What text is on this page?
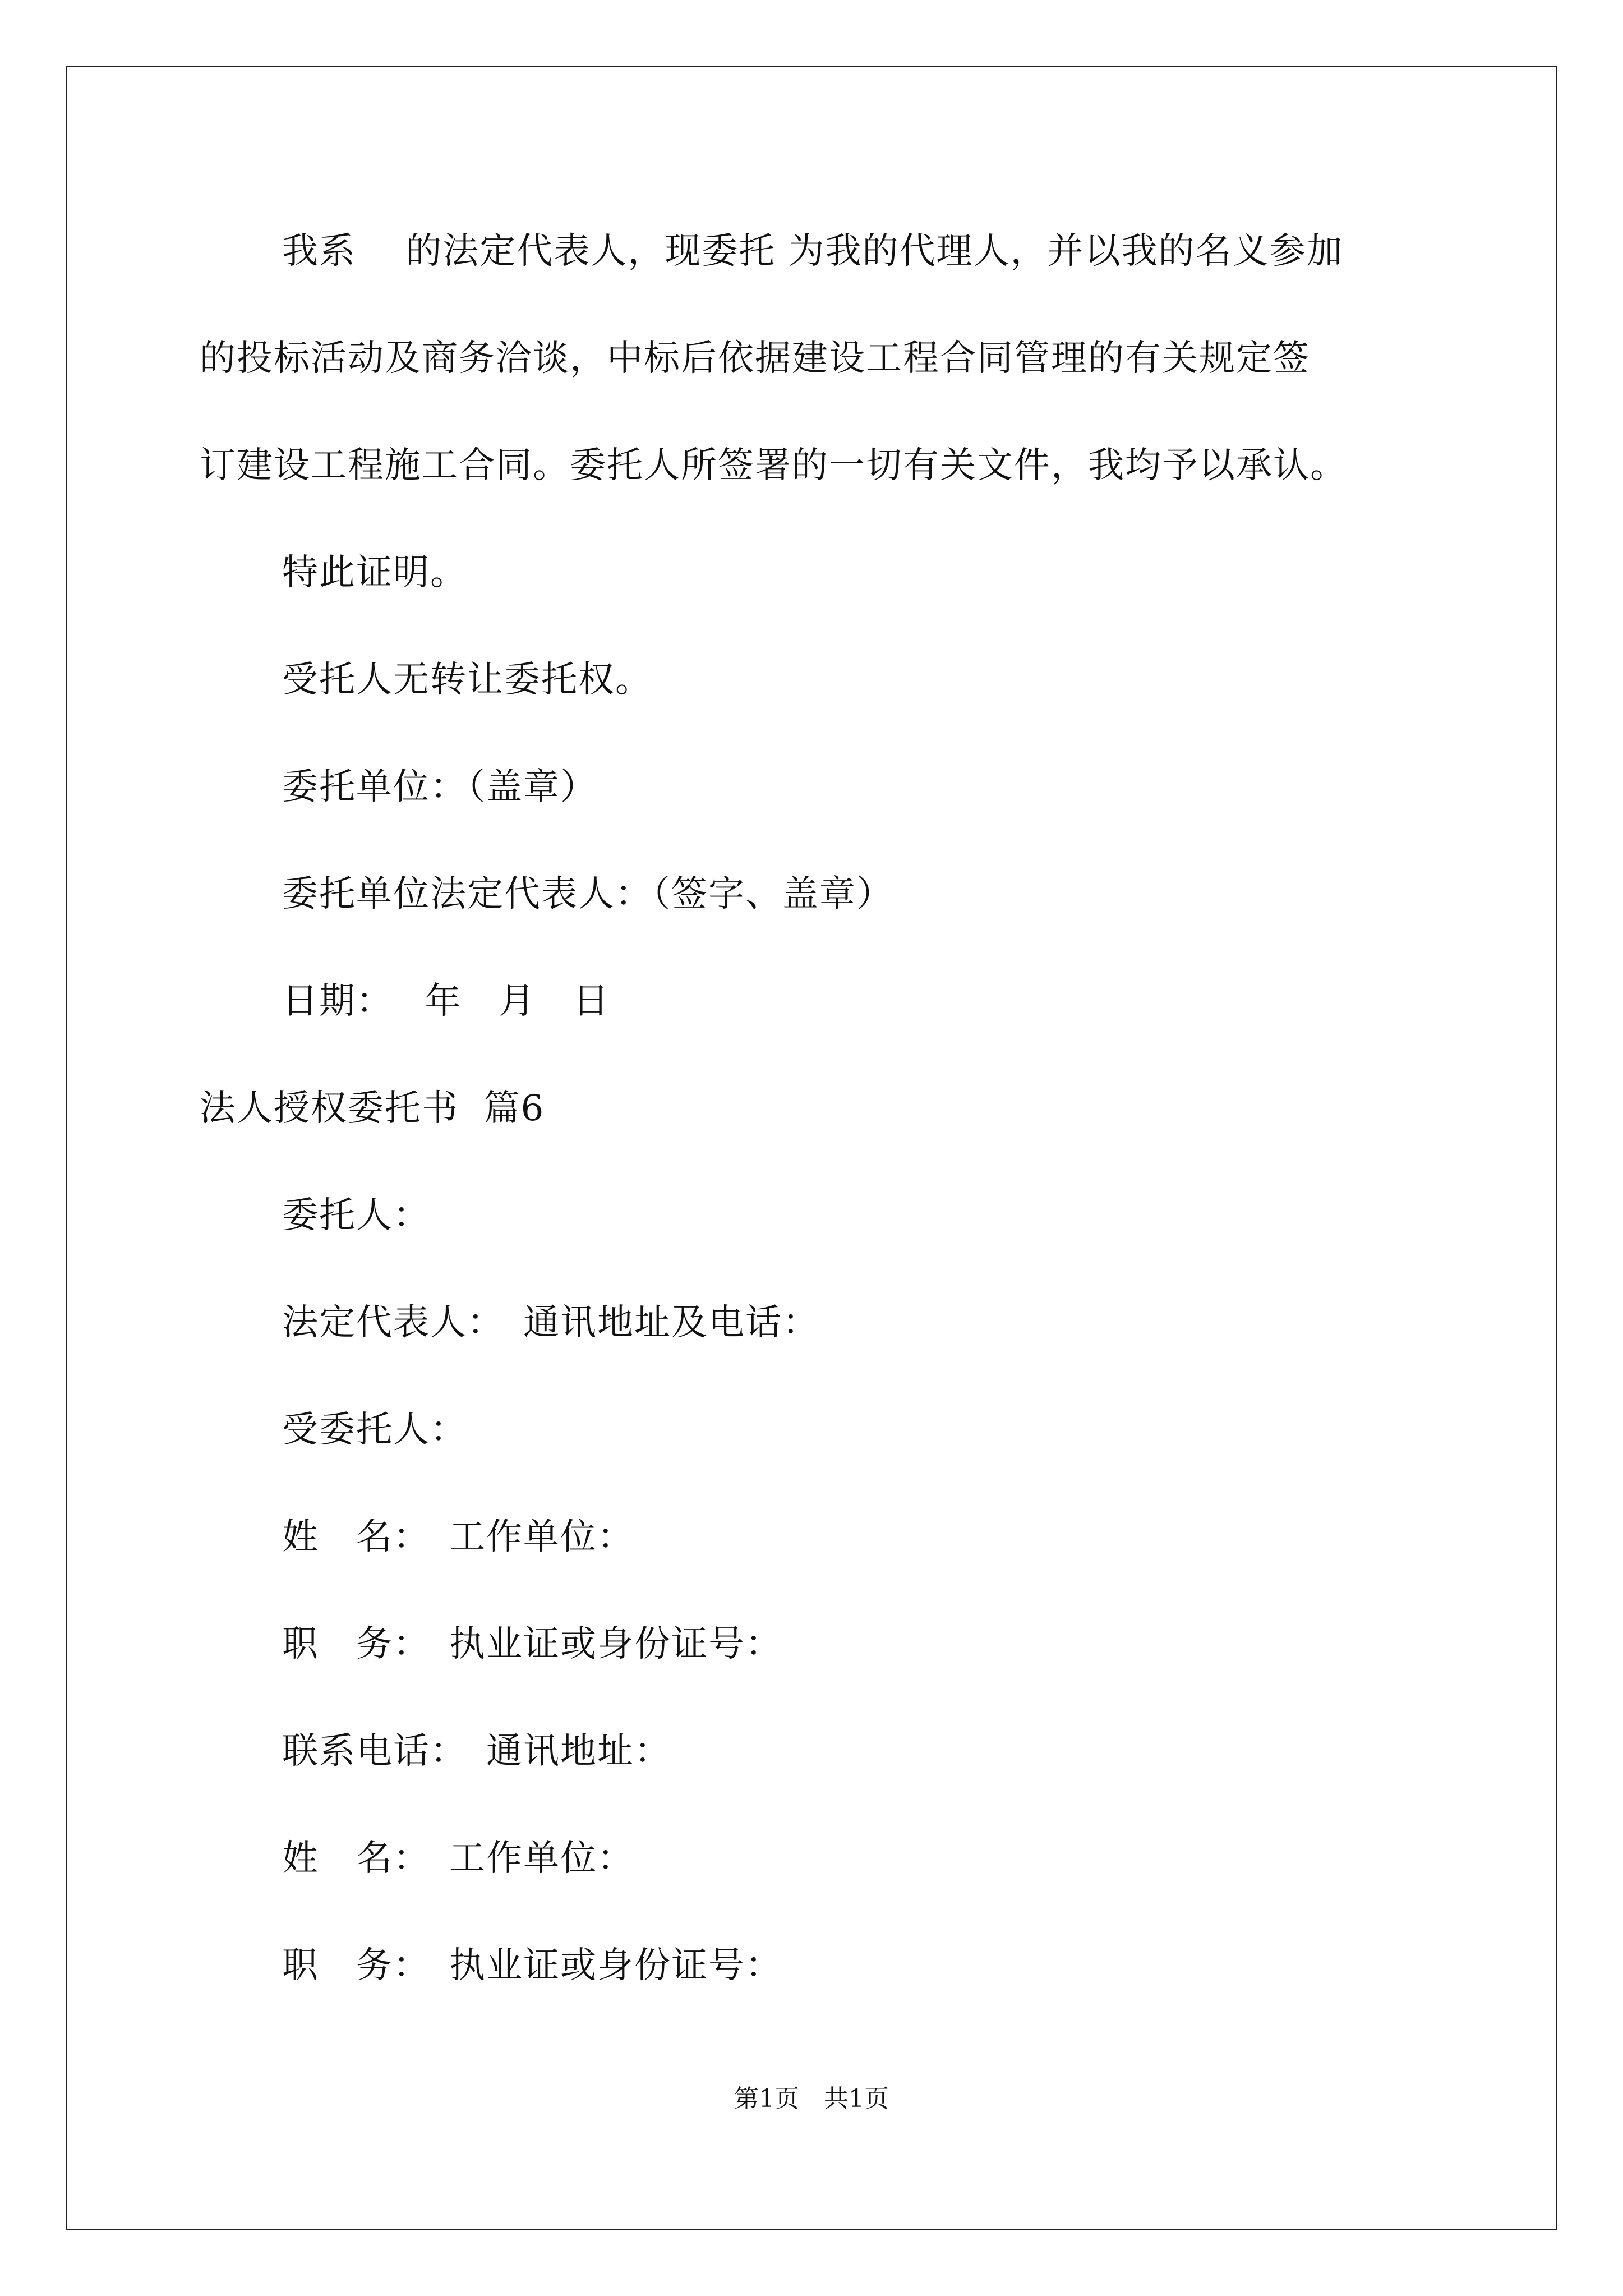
我系　 的法定代表人，现委托 为我的代理人，并以我的名义参加
的投标活动及商务洽谈，中标后依据建设工程合同管理的有关规定签
订建设工程施工合同。委托人所签署的一切有关文件，我均予以承认。
特此证明。
受托人无转让委托权。
委托单位：（盖章）
委托单位法定代表人：（签字、盖章）
日期：　 年　月　日
法人授权委托书  篇6
委托人：
法定代表人：　通讯地址及电话：
受委托人：
姓　名：　工作单位：
职　务：　执业证或身份证号：
联系电话：　通讯地址：
姓　名：　工作单位：
职　务：　执业证或身份证号：
第1页　共1页
